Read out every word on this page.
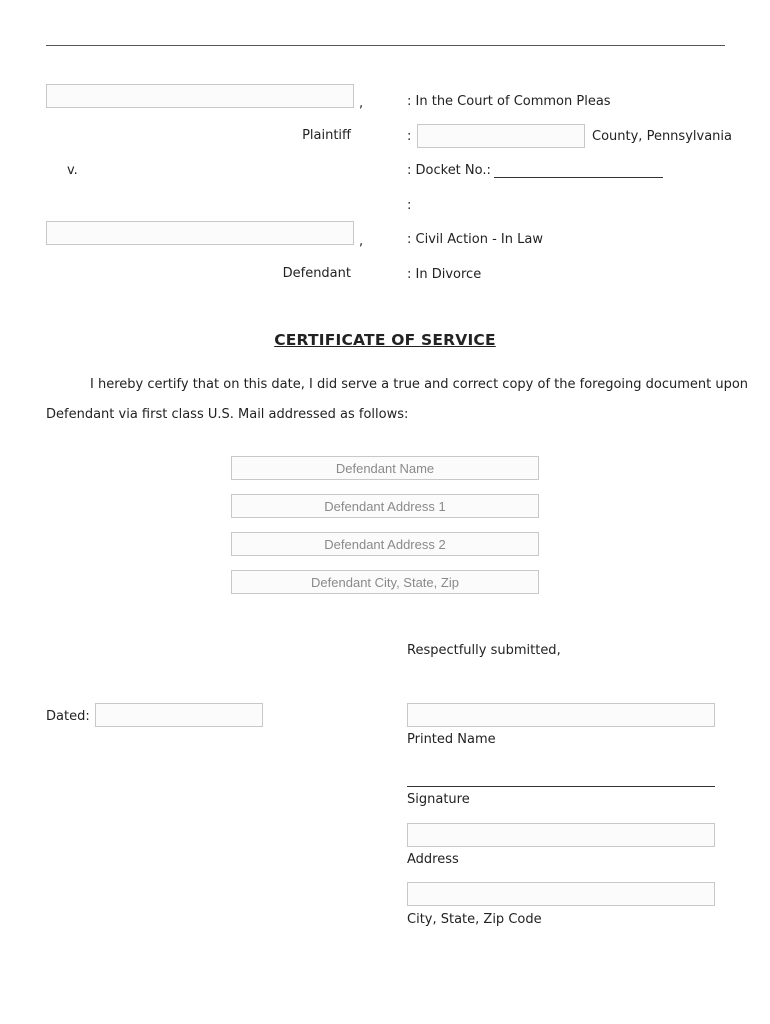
,
Plaintiff
v.
,
Defendant
: In the Court of Common Pleas
:	County, Pennsylvania
: Docket No.:
:
: Civil Action - In Law
: In Divorce
CERTIFICATE OF SERVICE
I hereby certify that on this date, I did serve a true and correct copy of the foregoing document upon
Defendant via first class U.S. Mail addressed as follows:
Defendant Name
Defendant Address 1
Defendant Address 2
Defendant City, State, Zip
Respectfully submitted,
Dated:
Printed Name
Signature
Address
City, State, Zip Code
